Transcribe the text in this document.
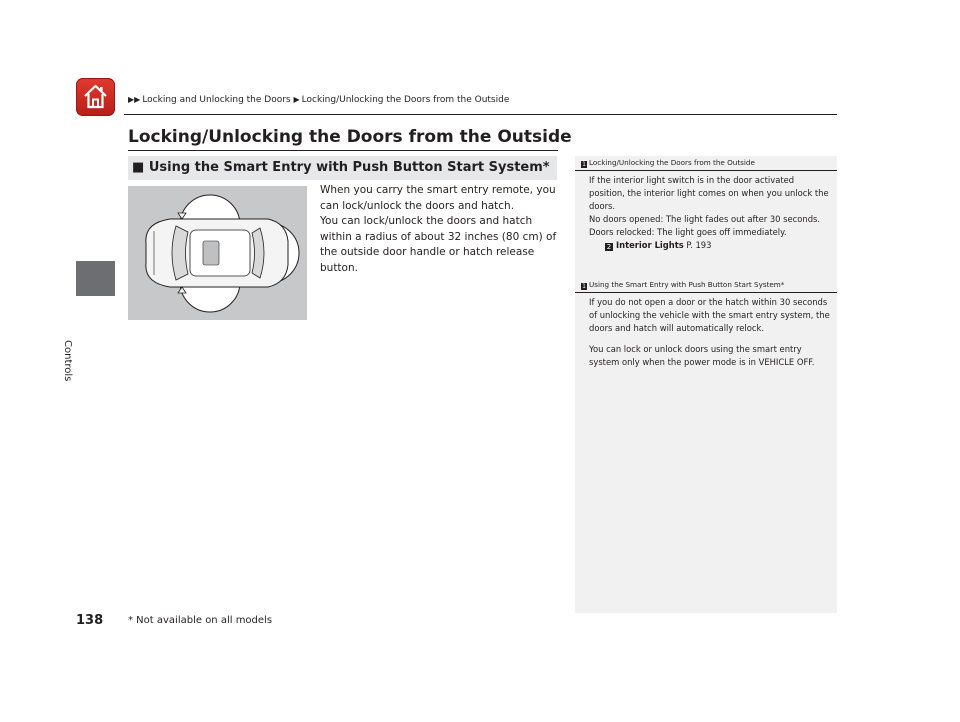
▶▶ Locking and Unlocking the Doors ▶ Locking/Unlocking the Doors from the Outside
Controls
Locking/Unlocking the Doors from the Outside
■ Using the Smart Entry with Push Button Start System*

When you carry the smart entry remote, you can lock/unlock the doors and hatch.

You can lock/unlock the doors and hatch within a radius of about 32 inches (80 cm) of the outside door handle or hatch release button.

1 Locking/Unlocking the Doors from the Outside

If the interior light switch is in the door activated position, the interior light comes on when you unlock the doors.

No doors opened: The light fades out after 30 seconds.

Doors relocked: The light goes off immediately.

2 Interior Lights P. 193

1 Using the Smart Entry with Push Button Start System*

If you do not open a door or the hatch within 30 seconds of unlocking the vehicle with the smart entry system, the doors and hatch will automatically relock.

You can lock or unlock doors using the smart entry system only when the power mode is in VEHICLE OFF.

138 * Not available on all models
